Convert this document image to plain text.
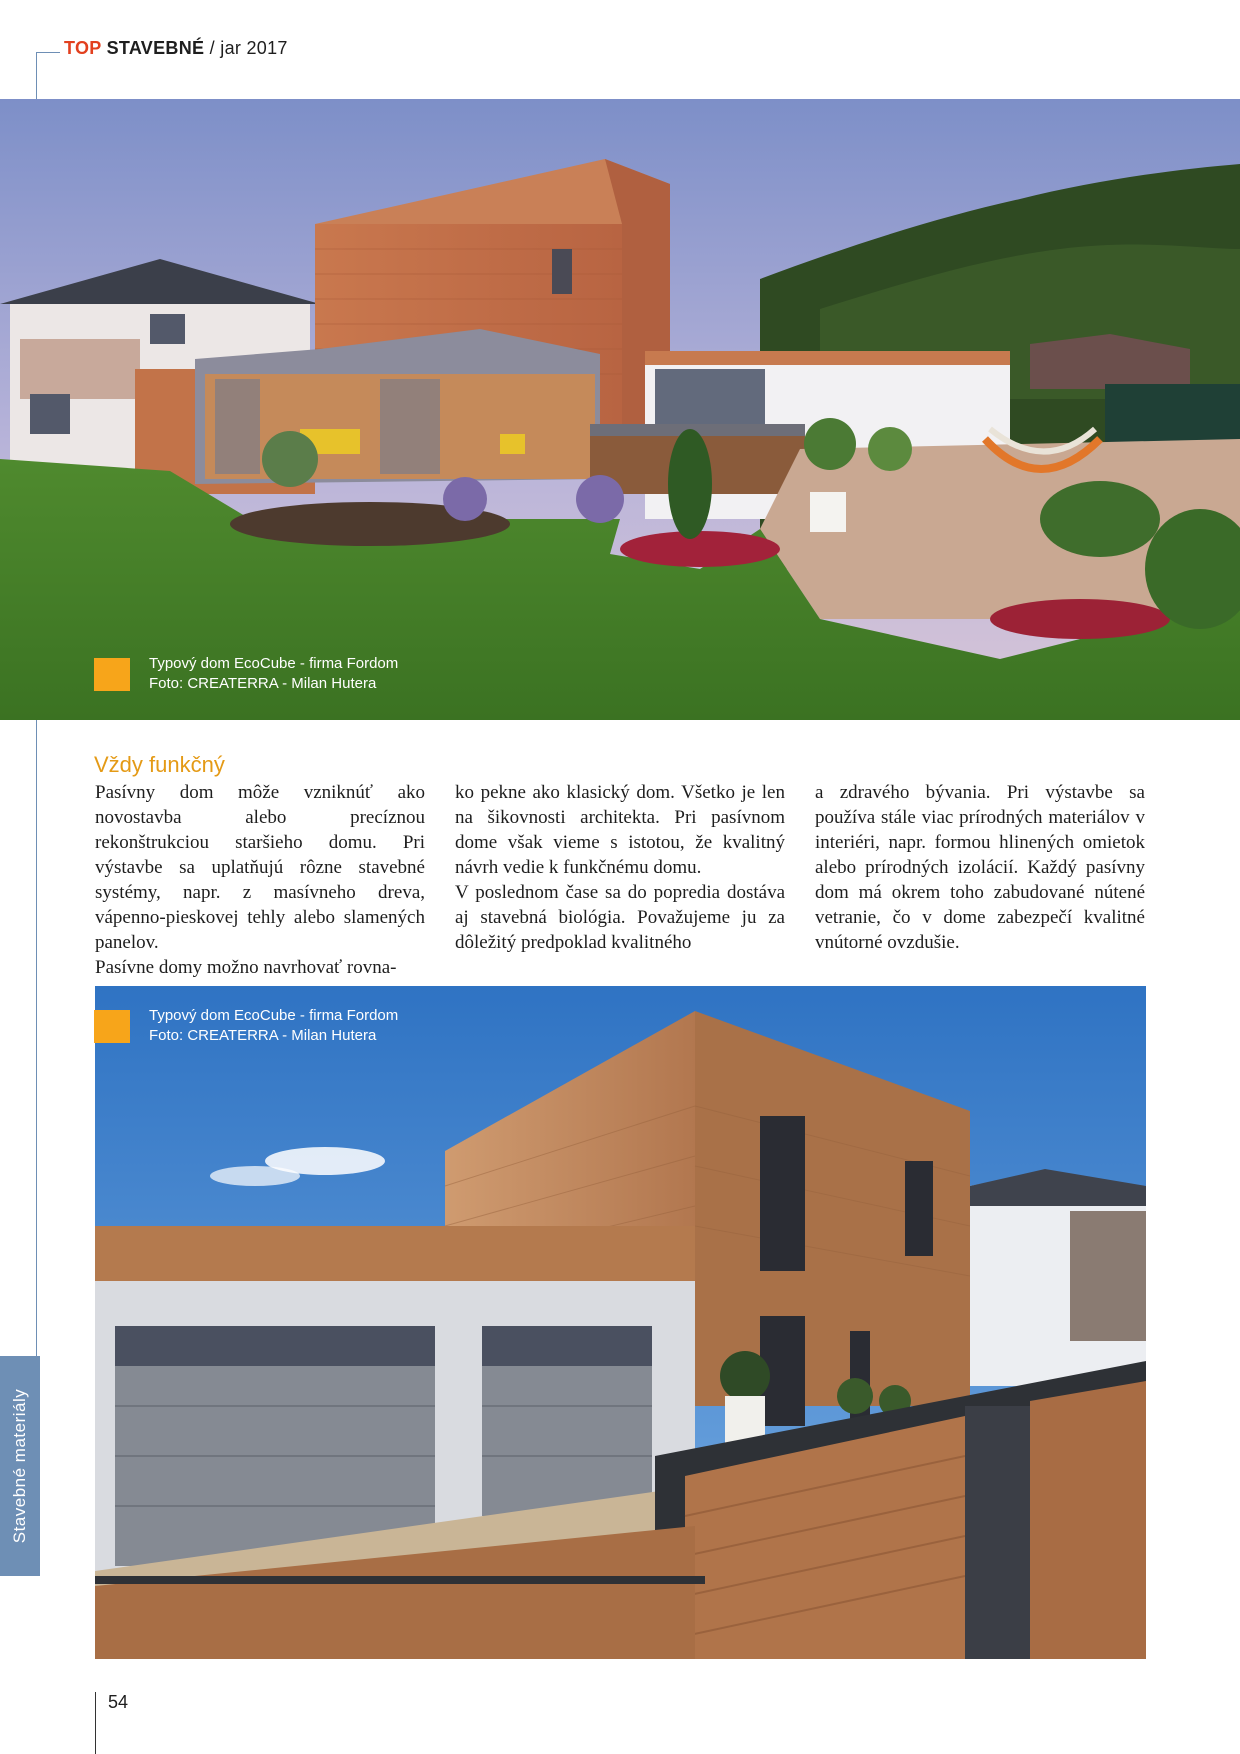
TOP STAVEBNÉ / jar 2017
Typový dom EcoCube - firma Fordom
Foto: CREATERRA - Milan Hutera
Stavebné materiály
Vždy funkčný

Pasívny dom môže vzniknúť ako novostavba alebo precíznou rekonštrukciou staršieho domu. Pri výstavbe sa uplatňujú rôzne stavebné systémy, napr. z masívneho dreva, vápenno-pieskovej tehly alebo slamených panelov.

Pasívne domy možno navrhovať rovna-

ko pekne ako klasický dom. Všetko je len na šikovnosti architekta. Pri pasívnom dome však vieme s istotou, že kvalitný návrh vedie k funkčnému domu.

V poslednom čase sa do popredia dostáva aj stavebná biológia. Považujeme ju za dôležitý predpoklad kvalitného

a zdravého bývania. Pri výstavbe sa používa stále viac prírodných materiálov v interiéri, napr. formou hlinených omietok alebo prírodných izolácií. Každý pasívny dom má okrem toho zabudované nútené vetranie, čo v dome zabezpečí kvalitné vnútorné ovzdušie.

Typový dom EcoCube - firma Fordom
Foto: CREATERRA - Milan Hutera
54
